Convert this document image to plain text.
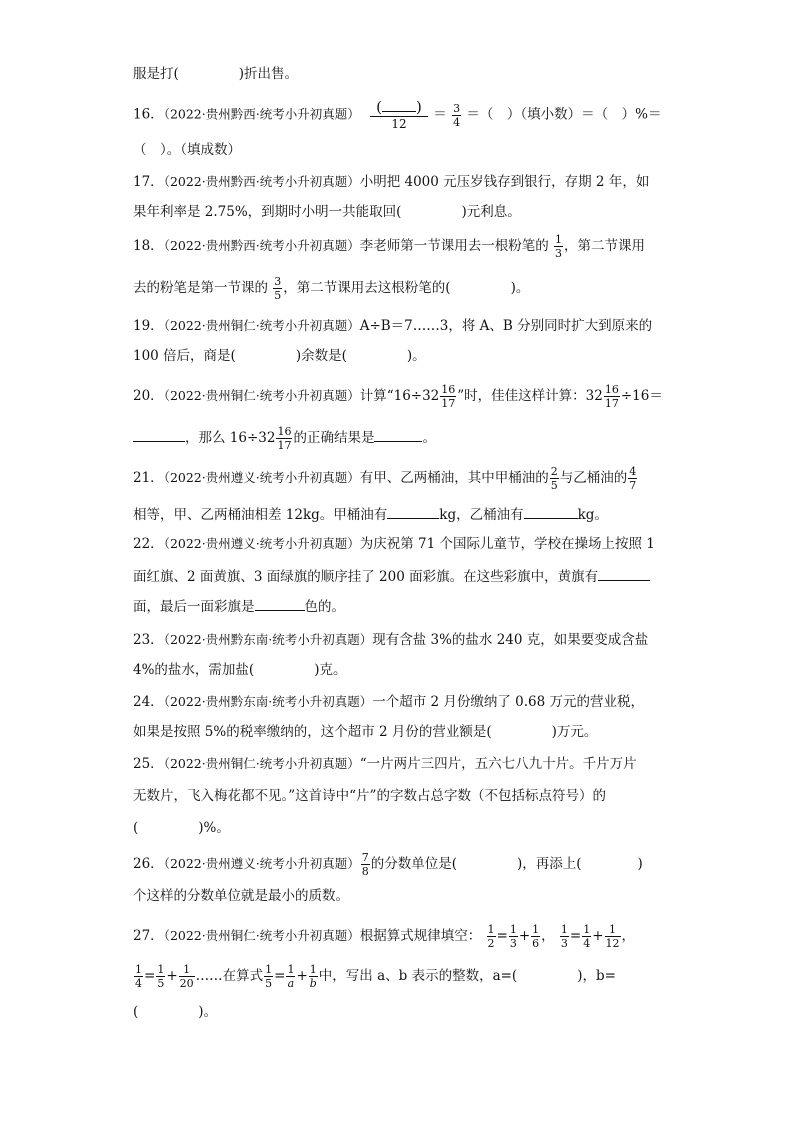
服是打(	)折出售。
16．（2022·贵州黔西·统考小升初真题）	( )
12
＝ $\frac{3}{4}$ ＝（　）（填小数）＝（　）%＝
（　）。（填成数）
17．（2022·贵州黔西·统考小升初真题）小明把 4000 元压岁钱存到银行，存期 2 年，如
果年利率是 2.75%，到期时小明一共能取回(	)元利息。
18．（2022·贵州黔西·统考小升初真题）李老师第一节课用去一根粉笔的 $\frac{1}{3}$ ，第二节课用
去的粉笔是第一节课的 $\frac{3}{5}$ ，第二节课用去这根粉笔的(	)。
19．（2022·贵州铜仁·统考小升初真题）A÷B＝7……3，将 A、B 分别同时扩大到原来的
100 倍后，商是(	)余数是(	)。
20．（2022·贵州铜仁·统考小升初真题）计算“$16\div 32 \frac{16}{17}$ ”时，佳佳这样计算：$32 \frac{16}{17} \div 16=$
，那么 $16\div 32 \frac{16}{17}$ 的正确结果是	。
21．（2022·贵州遵义·统考小升初真题）有甲、乙两桶油，其中甲桶油的 $\frac{2}{5}$ 与乙桶油的 $\frac{4}{7}$
相等，甲、乙两桶油相差 12kg。甲桶油有	kg，乙桶油有	kg。
22．（2022·贵州遵义·统考小升初真题）为庆祝第 71 个国际儿童节，学校在操场上按照 1
面红旗、2 面黄旗、3 面绿旗的顺序挂了 200 面彩旗。在这些彩旗中，黄旗有
面，最后一面彩旗是	色的。
23．（2022·贵州黔东南·统考小升初真题）现有含盐 3%的盐水 240 克，如果要变成含盐
4%的盐水，需加盐(	)克。
24．（2022·贵州黔东南·统考小升初真题）一个超市 2 月份缴纳了 0.68 万元的营业税，
如果是按照 5%的税率缴纳的，这个超市 2 月份的营业额是(	)万元。
25．（2022·贵州铜仁·统考小升初真题）“一片两片三四片，五六七八九十片。千片万片
无数片，飞入梅花都不见。”这首诗中“片”的字数占总字数（不包括标点符号）的
(	)%。
26．（2022·贵州遵义·统考小升初真题） $\frac{7}{8}$ 的分数单位是(	)，再添上(	)
个这样的分数单位就是最小的质数。
27．（2022·贵州铜仁·统考小升初真题）根据算式规律填空： $\frac{1}{2} = \frac{1}{3} + \frac{1}{6}$ ， $\frac{1}{3} = \frac{1}{4} + \frac{1}{12}$ ，
$\frac{1}{4} = \frac{1}{5} + \frac{1}{20}$ ……在算式 $\frac{1}{5} = \frac{1}{a} + \frac{1}{b}$ 中，写出 a、b 表示的整数，a=(	)，b=
(	)。
